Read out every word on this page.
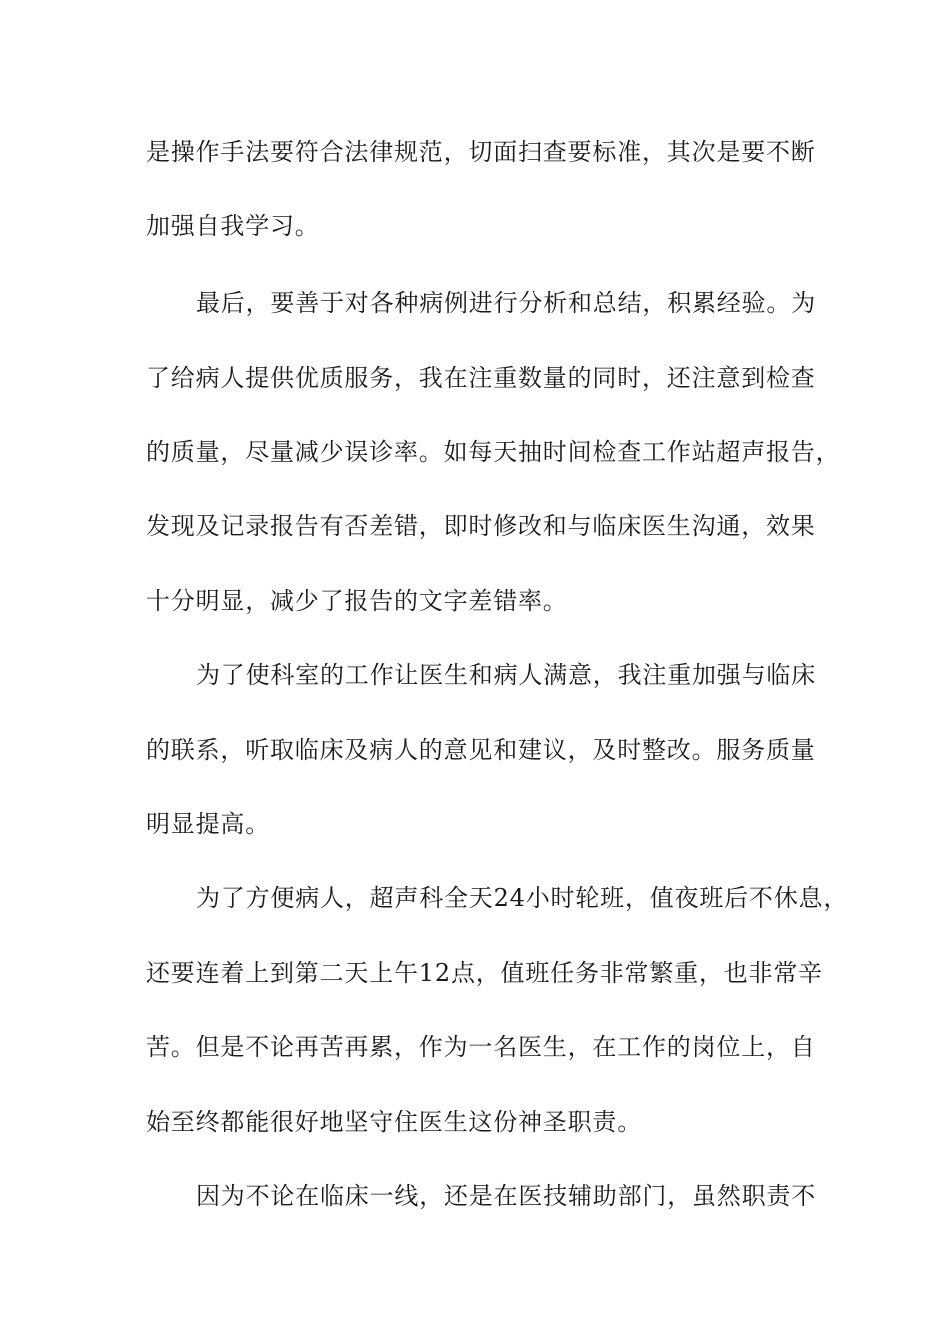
是操作手法要符合法律规范，切面扫查要标准，其次是要不断
加强自我学习。
最后，要善于对各种病例进行分析和总结，积累经验。为
了给病人提供优质服务，我在注重数量的同时，还注意到检查
的质量，尽量减少误诊率。如每天抽时间检查工作站超声报告，
发现及记录报告有否差错，即时修改和与临床医生沟通，效果
十分明显，减少了报告的文字差错率。
为了使科室的工作让医生和病人满意，我注重加强与临床
的联系，听取临床及病人的意见和建议，及时整改。服务质量
明显提高。
为了方便病人，超声科全天24小时轮班，值夜班后不休息，
还要连着上到第二天上午12点，值班任务非常繁重，也非常辛
苦。但是不论再苦再累，作为一名医生，在工作的岗位上，自
始至终都能很好地坚守住医生这份神圣职责。
因为不论在临床一线，还是在医技辅助部门，虽然职责不
